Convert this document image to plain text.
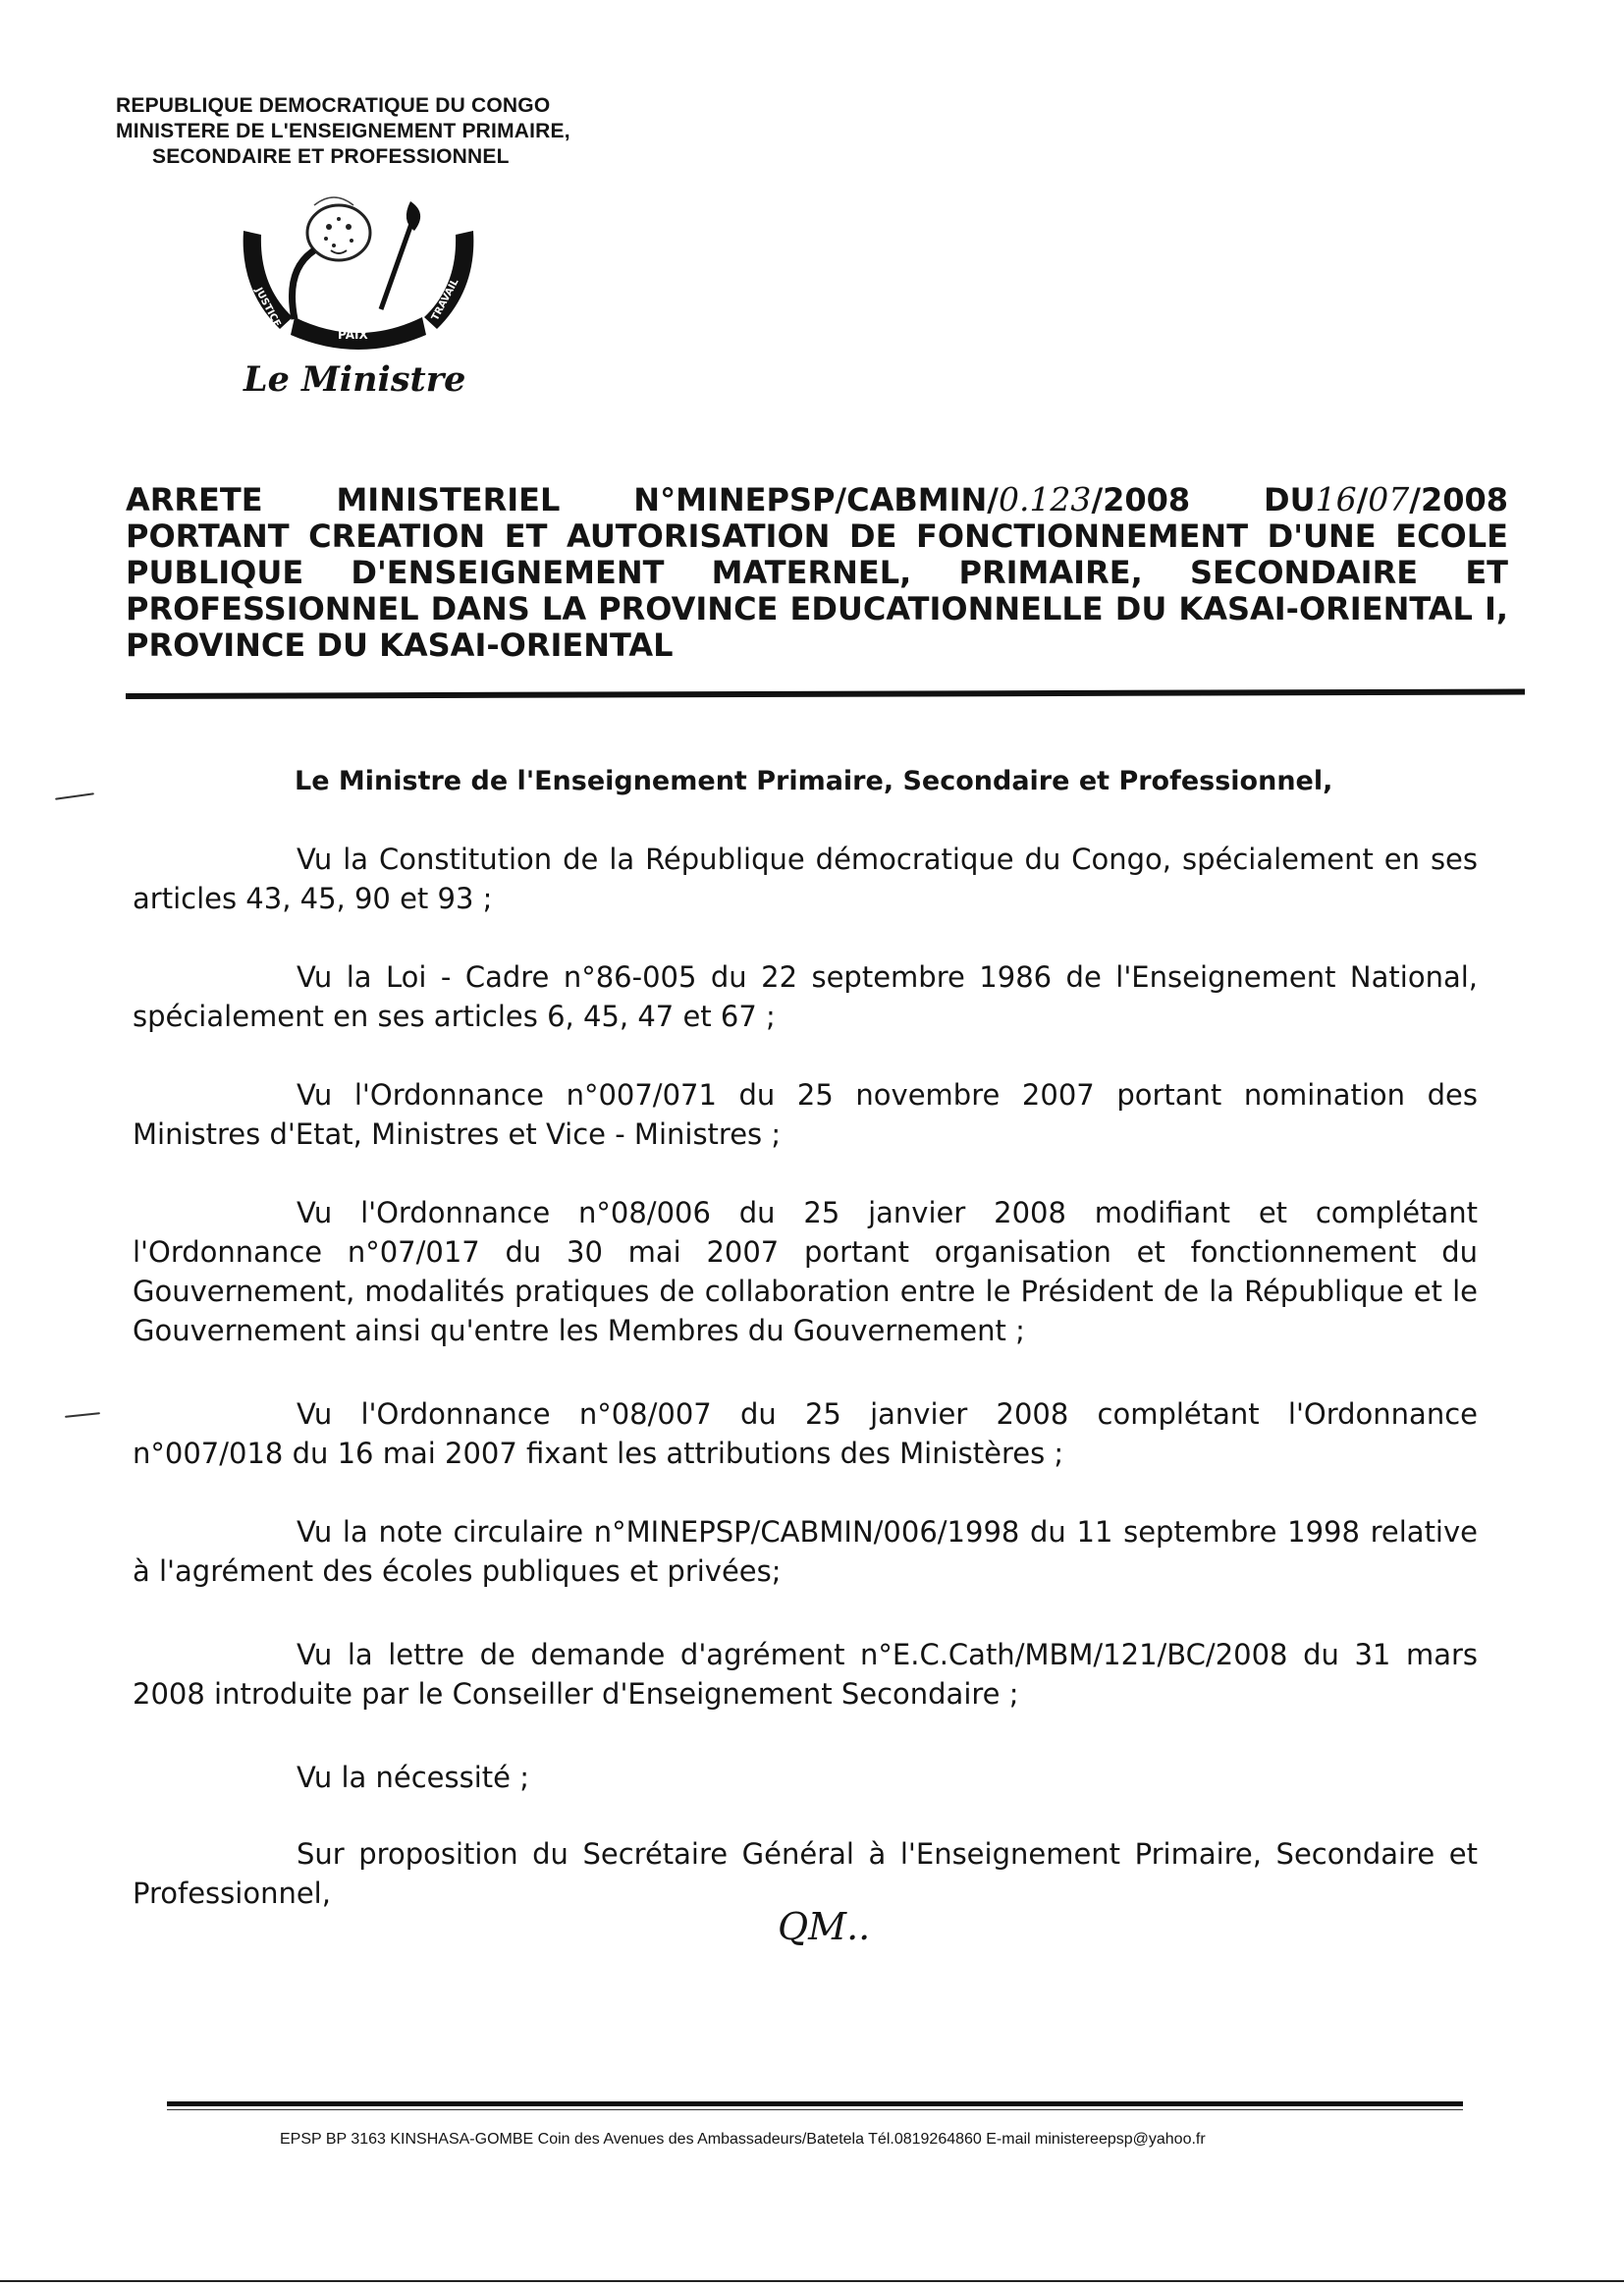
REPUBLIQUE DEMOCRATIQUE DU CONGO
MINISTERE DE L'ENSEIGNEMENT PRIMAIRE,
SECONDAIRE ET PROFESSIONNEL
JUSTICE	TRAVAIL
PAIX
Le Ministre
ARRETE MINISTERIEL N°MINEPSP/CABMIN/0.123/2008 DU16/07/2008
PORTANT CREATION ET AUTORISATION DE FONCTIONNEMENT D'UNE ECOLE
PUBLIQUE D'ENSEIGNEMENT MATERNEL, PRIMAIRE, SECONDAIRE ET
PROFESSIONNEL DANS LA PROVINCE EDUCATIONNELLE DU KASAI-ORIENTAL I,
PROVINCE DU KASAI-ORIENTAL
Le Ministre de l'Enseignement Primaire, Secondaire et Professionnel,
Vu la Constitution de la République démocratique du Congo, spécialement en ses articles 43, 45, 90 et 93 ;
Vu la Loi - Cadre n°86-005 du 22 septembre 1986 de l'Enseignement National, spécialement en ses articles 6, 45, 47 et 67 ;
Vu l'Ordonnance n°007/071 du 25 novembre 2007 portant nomination des Ministres d'Etat, Ministres et Vice - Ministres ;
Vu l'Ordonnance n°08/006 du 25 janvier 2008 modifiant et complétant l'Ordonnance n°07/017 du 30 mai 2007 portant organisation et fonctionnement du Gouvernement, modalités pratiques de collaboration entre le Président de la République et le Gouvernement ainsi qu'entre les Membres du Gouvernement ;
Vu l'Ordonnance n°08/007 du 25 janvier 2008 complétant l'Ordonnance n°007/018 du 16 mai 2007 fixant les attributions des Ministères ;
Vu la note circulaire n°MINEPSP/CABMIN/006/1998 du 11 septembre 1998 relative à l'agrément des écoles publiques et privées;
Vu la lettre de demande d'agrément n°E.C.Cath/MBM/121/BC/2008 du 31 mars 2008 introduite par le Conseiller d'Enseignement Secondaire ;
Vu la nécessité ;
Sur proposition du Secrétaire Général à l'Enseignement Primaire, Secondaire et Professionnel,
QM..
EPSP BP 3163 KINSHASA-GOMBE Coin des Avenues des Ambassadeurs/Batetela Tél.0819264860 E-mail ministereepsp@yahoo.fr
